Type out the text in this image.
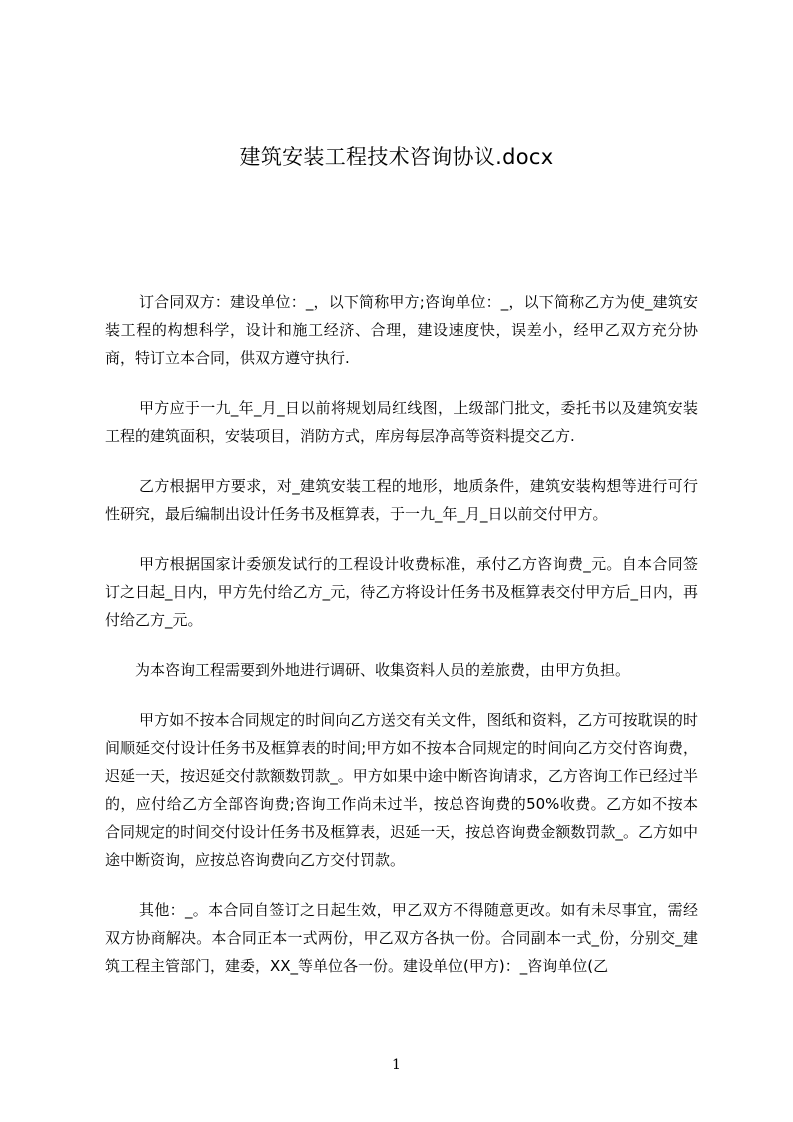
建筑安装工程技术咨询协议.docx

订合同双方：建设单位：_，以下简称甲方;咨询单位：_，以下简称乙方为使_建筑安装工程的构想科学，设计和施工经济、合理，建设速度快，误差小，经甲乙双方充分协商，特订立本合同，供双方遵守执行.

甲方应于一九_年_月_日以前将规划局红线图，上级部门批文，委托书以及建筑安装工程的建筑面积，安装项目，消防方式，库房每层净高等资料提交乙方.

乙方根据甲方要求，对_建筑安装工程的地形，地质条件，建筑安装构想等进行可行性研究，最后编制出设计任务书及框算表，于一九_年_月_日以前交付甲方。

甲方根据国家计委颁发试行的工程设计收费标准，承付乙方咨询费_元。自本合同签订之日起_日内，甲方先付给乙方_元，待乙方将设计任务书及框算表交付甲方后_日内，再付给乙方_元。

为本咨询工程需要到外地进行调研、收集资料人员的差旅费，由甲方负担。

甲方如不按本合同规定的时间向乙方送交有关文件，图纸和资料，乙方可按耽误的时间顺延交付设计任务书及框算表的时间;甲方如不按本合同规定的时间向乙方交付咨询费，迟延一天，按迟延交付款额数罚款_。甲方如果中途中断咨询请求，乙方咨询工作已经过半的，应付给乙方全部咨询费;咨询工作尚未过半，按总咨询费的50%收费。乙方如不按本合同规定的时间交付设计任务书及框算表，迟延一天，按总咨询费金额数罚款_。乙方如中途中断资询，应按总咨询费向乙方交付罚款。

其他：_。本合同自签订之日起生效，甲乙双方不得随意更改。如有未尽事宜，需经双方协商解决。本合同正本一式两份，甲乙双方各执一份。合同副本一式_份，分别交_建筑工程主管部门，建委，XX_等单位各一份。建设单位(甲方)：_咨询单位(乙

1
